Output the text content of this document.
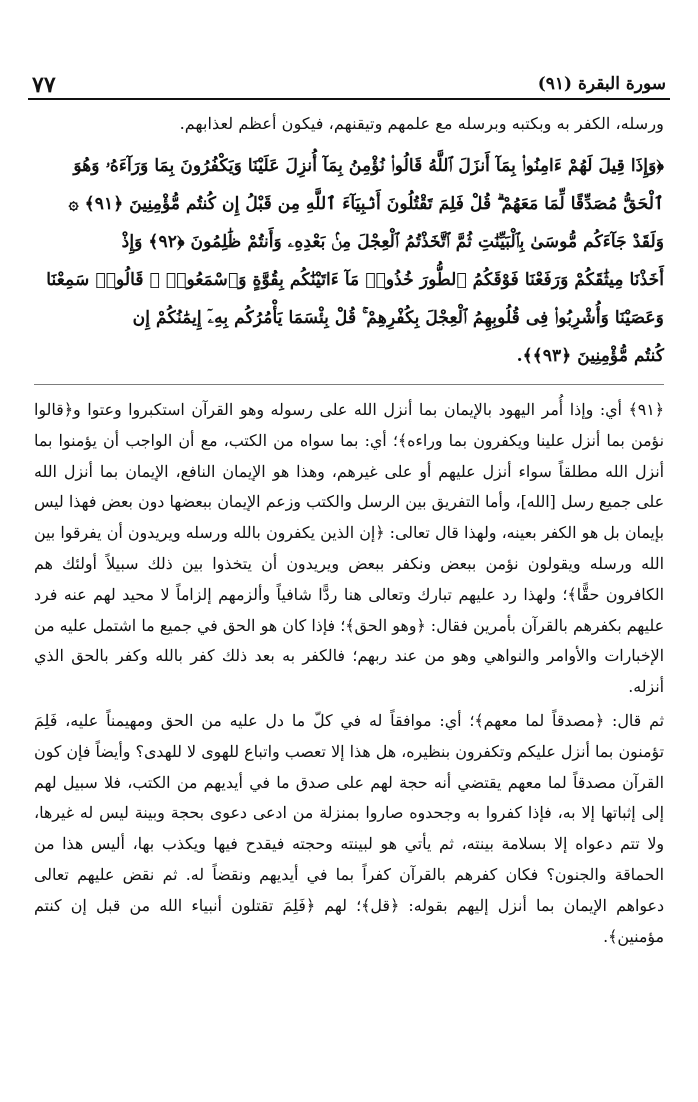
٧٧	سورة البقرة (٩١)

ورسله، الكفر به وبكتبه وبرسله مع علمهم وتيقنهم، فيكون أعظم لعذابهم.

﴿وَإِذَا قِيلَ لَهُمْ ءَامِنُوا۟ بِمَآ أَنزَلَ ٱللَّهُ قَالُوا۟ نُؤْمِنُ بِمَآ أُنزِلَ عَلَيْنَا وَيَكْفُرُونَ بِمَا وَرَآءَهُۥ وَهُوَ

ٱلْحَقُّ مُصَدِّقًا لِّمَا مَعَهُمْ ۗ قُلْ فَلِمَ تَقْتُلُونَ أَنۢبِيَآءَ ٱللَّهِ مِن قَبْلُ إِن كُنتُم مُّؤْمِنِينَ ﴿٩١﴾ ۞

وَلَقَدْ جَآءَكُم مُّوسَىٰ بِٱلْبَيِّنَٰتِ ثُمَّ ٱتَّخَذْتُمُ ٱلْعِجْلَ مِنۢ بَعْدِهِۦ وَأَنتُمْ ظَٰلِمُونَ ﴿٩٢﴾ وَإِذْ

أَخَذْنَا مِيثَٰقَكُمْ وَرَفَعْنَا فَوْقَكُمُ ٱلطُّورَ خُذُوا۟ مَآ ءَاتَيْنَٰكُم بِقُوَّةٍ وَٱسْمَعُوا۟ ۖ قَالُوا۟ سَمِعْنَا

وَعَصَيْنَا وَأُشْرِبُوا۟ فِى قُلُوبِهِمُ ٱلْعِجْلَ بِكُفْرِهِمْ ۚ قُلْ بِئْسَمَا يَأْمُرُكُم بِهِۦٓ إِيمَٰنُكُمْ إِن

كُنتُم مُّؤْمِنِينَ ﴿٩٣﴾﴾.

﴿٩١﴾ أي: وإذا أُمر اليهود بالإيمان بما أنزل الله على رسوله وهو القرآن استكبروا وعتوا و﴿قالوا نؤمن بما أنزل علينا ويكفرون بما وراءه﴾؛ أي: بما سواه من الكتب، مع أن الواجب أن يؤمنوا بما أنزل الله مطلقاً سواء أنزل عليهم أو على غيرهم، وهذا هو الإيمان النافع، الإيمان بما أنزل الله على جميع رسل [الله]، وأما التفريق بين الرسل والكتب وزعم الإيمان ببعضها دون بعض فهذا ليس بإيمان بل هو الكفر بعينه، ولهذا قال تعالى: ﴿إن الذين يكفرون بالله ورسله ويريدون أن يفرقوا بين الله ورسله ويقولون نؤمن ببعض ونكفر ببعض ويريدون أن يتخذوا بين ذلك سبيلاً أولئك هم الكافرون حقًّا﴾؛ ولهذا رد عليهم تبارك وتعالى هنا ردًّا شافياً وألزمهم إلزاماً لا محيد لهم عنه فرد عليهم بكفرهم بالقرآن بأمرين فقال: ﴿وهو الحق﴾؛ فإذا كان هو الحق في جميع ما اشتمل عليه من الإخبارات والأوامر والنواهي وهو من عند ربهم؛ فالكفر به بعد ذلك كفر بالله وكفر بالحق الذي أنزله.

ثم قال: ﴿مصدقاً لما معهم﴾؛ أي: موافقاً له في كلّ ما دل عليه من الحق ومهيمناً عليه، فَلِمَ تؤمنون بما أنزل عليكم وتكفرون بنظيره، هل هذا إلا تعصب واتباع للهوى لا للهدى؟ وأيضاً فإن كون القرآن مصدقاً لما معهم يقتضي أنه حجة لهم على صدق ما في أيديهم من الكتب، فلا سبيل لهم إلى إثباتها إلا به، فإذا كفروا به وجحدوه صاروا بمنزلة من ادعى دعوى بحجة وبينة ليس له غيرها، ولا تتم دعواه إلا بسلامة بينته، ثم يأتي هو لبينته وحجته فيقدح فيها ويكذب بها، أليس هذا من الحماقة والجنون؟ فكان كفرهم بالقرآن كفراً بما في أيديهم ونقضاً له. ثم نقض عليهم تعالى دعواهم الإيمان بما أنزل إليهم بقوله: ﴿قل﴾؛ لهم ﴿فَلِمَ تقتلون أنبياء الله من قبل إن كنتم مؤمنين﴾.
